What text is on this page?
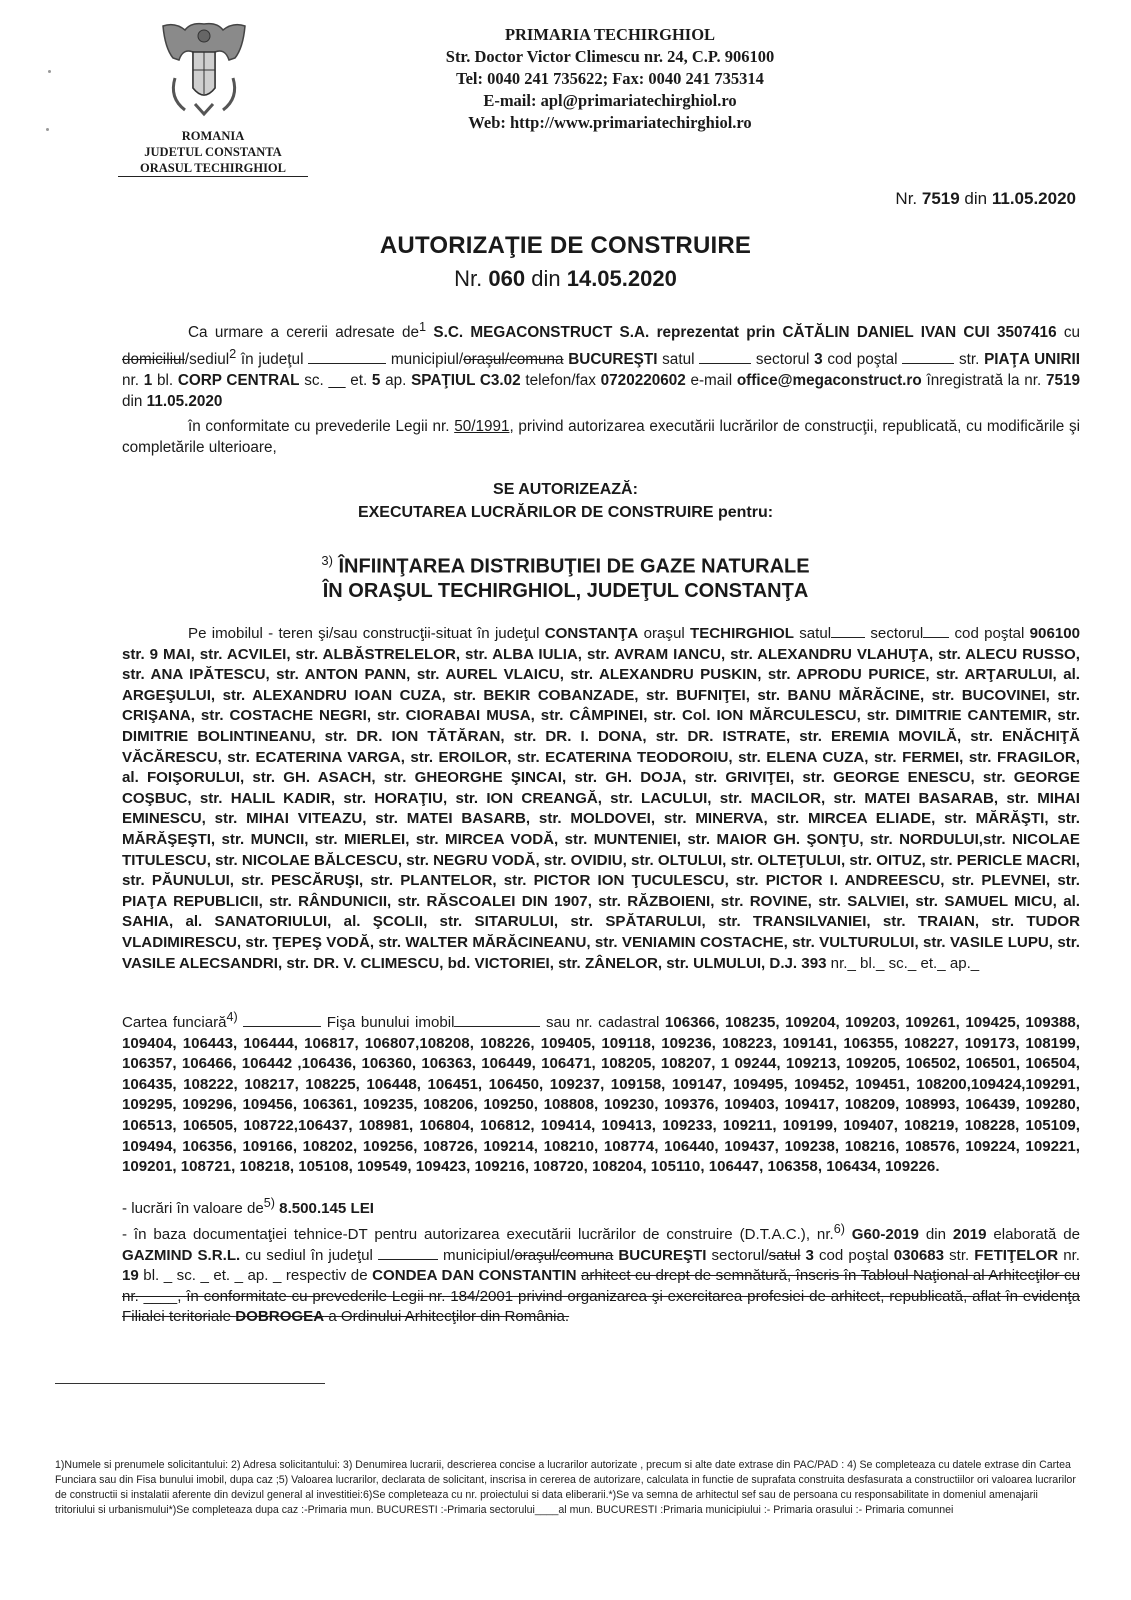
ROMANIA
JUDETUL CONSTANTA
ORASUL TECHIRGHIOL
PRIMARIA TECHIRGHIOL
Str. Doctor Victor Climescu nr. 24, C.P. 906100
Tel: 0040 241 735622; Fax: 0040 241 735314
E-mail: apl@primariatechirghiol.ro
Web: http://www.primariatechirghiol.ro
Nr. 7519 din 11.05.2020
AUTORIZAŢIE DE CONSTRUIRE
Nr. 060 din 14.05.2020
Ca urmare a cererii adresate $de^1$ S.C. MEGACONSTRUCT S.A. reprezentat prin CĂTĂLIN DANIEL IVAN CUI 3507416 cu domiciliul/sediul$^2$ în judeţul	municipiul/oraşul/comuna BUCUREŞTI satul	sectorul 3 cod poştal	str. PIAŢA UNIRII nr. 1 bl. CORP CENTRAL sc. __ et. 5 ap. SPAŢIUL C3.02 telefon/fax 0720220602 e-mail office@megaconstruct.ro înregistrată la nr. 7519 din 11.05.2020
în conformitate cu prevederile Legii nr. 50/1991, privind autorizarea executării lucrărilor de construcţii, republicată, cu modificările şi completările ulterioare,
SE AUTORIZEAZĂ:
EXECUTAREA LUCRĂRILOR DE CONSTRUIRE pentru:
$^{3)}$ ÎNFIINŢAREA DISTRIBUŢIEI DE GAZE NATURALE
ÎN ORAŞUL TECHIRGHIOL, JUDEŢUL CONSTANŢA
Pe imobilul - teren şi/sau construcţii-situat în judeţul CONSTANŢA oraşul TECHIRGHIOL satul sectorul cod poştal 906100 str. 9 MAI, str. ACVILEI, str. ALBĂSTRELELOR, str. ALBA IULIA, str. AVRAM IANCU, str. ALEXANDRU VLAHUŢA, str. ALECU RUSSO, str. ANA IPĂTESCU, str. ANTON PANN, str. AUREL VLAICU, str. ALEXANDRU PUSKIN, str. APRODU PURICE, str. ARŢARULUI, al. ARGEŞULUI, str. ALEXANDRU IOAN CUZA, str. BEKIR COBANZADE, str. BUFNIŢEI, str. BANU MĂRĂCINE, str. BUCOVINEI, str. CRIŞANA, str. COSTACHE NEGRI, str. CIORABAI MUSA, str. CÂMPINEI, str. Col. ION MĂRCULESCU, str. DIMITRIE CANTEMIR, str. DIMITRIE BOLINTINEANU, str. DR. ION TĂTĂRAN, str. DR. I. DONA, str. DR. ISTRATE, str. EREMIA MOVILĂ, str. ENĂCHIŢĂ VĂCĂRESCU, str. ECATERINA VARGA, str. EROILOR, str. ECATERINA TEODOROIU, str. ELENA CUZA, str. FERMEI, str. FRAGILOR, al. FOIŞORULUI, str. GH. ASACH, str. GHEORGHE ŞINCAI, str. GH. DOJA, str. GRIVIŢEI, str. GEORGE ENESCU, str. GEORGE COŞBUC, str. HALIL KADIR, str. HORAŢIU, str. ION CREANGĂ, str. LACULUI, str. MACILOR, str. MATEI BASARAB, str. MIHAI EMINESCU, str. MIHAI VITEAZU, str. MATEI BASARB, str. MOLDOVEI, str. MINERVA, str. MIRCEA ELIADE, str. MĂRĂŞTI, str. MĂRĂŞEŞTI, str. MUNCII, str. MIERLEI, str. MIRCEA VODĂ, str. MUNTENIEI, str. MAIOR GH. ŞONŢU, str. NORDULUI,str. NICOLAE TITULESCU, str. NICOLAE BĂLCESCU, str. NEGRU VODĂ, str. OVIDIU, str. OLTULUI, str. OLTEŢULUI, str. OITUZ, str. PERICLE MACRI, str. PĂUNULUI, str. PESCĂRUŞI, str. PLANTELOR, str. PICTOR ION ŢUCULESCU, str. PICTOR I. ANDREESCU, str. PLEVNEI, str. PIAŢA REPUBLICII, str. RÂNDUNICII, str. RĂSCOALEI DIN 1907, str. RĂZBOIENI, str. ROVINE, str. SALVIEI, str. SAMUEL MICU, al. SAHIA, al. SANATORIULUI, al. ŞCOLII, str. SITARULUI, str. SPĂTARULUI, str. TRANSILVANIEI, str. TRAIAN, str. TUDOR VLADIMIRESCU, str. ŢEPEŞ VODĂ, str. WALTER MĂRĂCINEANU, str. VENIAMIN COSTACHE, str. VULTURULUI, str. VASILE LUPU, str. VASILE ALECSANDRI, str. DR. V. CLIMESCU, bd. VICTORIEI, str. ZÂNELOR, str. ULMULUI, D.J. 393 nr._ bl._ sc._ et._ ap._
Cartea funciară$^{4)}$	Fişa bunului imobil	sau nr. cadastral 106366, 108235, 109204, 109203, 109261, 109425, 109388, 109404, 106443, 106444, 106817, 106807,108208, 108226, 109405, 109118, 109236, 108223, 109141, 106355, 108227, 109173, 108199, 106357, 106466, 106442 ,106436, 106360, 106363, 106449, 106471, 108205, 108207, 1 09244, 109213, 109205, 106502, 106501, 106504, 106435, 108222, 108217, 108225, 106448, 106451, 106450, 109237, 109158, 109147, 109495, 109452, 109451, 108200,109424,109291, 109295, 109296, 109456, 106361, 109235, 108206, 109250, 108808, 109230, 109376, 109403, 109417, 108209, 108993, 106439, 109280, 106513, 106505, 108722,106437, 108981, 106804, 106812, 109414, 109413, 109233, 109211, 109199, 109407, 108219, 108228, 105109, 109494, 106356, 109166, 108202, 109256, 108726, 109214, 108210, 108774, 106440, 109437, 109238, 108216, 108576, 109224, 109221, 109201, 108721, 108218, 105108, 109549, 109423, 109216, 108720, 108204, 105110, 106447, 106358, 106434, 109226.
- lucrări în valoare $de^{5)}$ 8.500.145 LEI
- în baza documentaţiei tehnice-DT pentru autorizarea executării lucrărilor de construire (D.T.A.C.), nr.$^{6)}$ G60-2019 din 2019 elaborată de GAZMIND S.R.L. cu sediul în judeţul	municipiul/oraşul/comuna BUCUREŞTI sectorul/satul 3 cod poştal 030683 str. FETIŢELOR nr. 19 bl. _ sc. _ et. _ ap. _ respectiv de CONDEA DAN CONSTANTIN arhitect cu drept de semnătură, înscris în Tabloul Naţional al Arhitecţilor cu nr. ____, în conformitate cu prevederile Legii nr. 184/2001 privind organizarea şi exercitarea profesiei de arhitect, republicată, aflat în evidenţa Filialei teritoriale DOBROGEA a Ordinului Arhitecţilor din România.
1)Numele si prenumele solicitantului: 2) Adresa solicitantului: 3) Denumirea lucrarii, descrierea concise a lucrarilor autorizate , precum si alte date extrase din PAC/PAD : 4) Se completeaza cu datele extrase din Cartea Funciara sau din Fisa bunului imobil, dupa caz ;5) Valoarea lucrarilor, declarata de solicitant, inscrisa in cererea de autorizare, calculata in functie de suprafata construita desfasurata a constructiilor ori valoarea lucrarilor de constructii si instalatii aferente din devizul general al investitiei:6)Se completeaza cu nr. proiectului si data eliberarii.*)Se va semna de arhitectul sef sau de persoana cu responsabilitate in domeniul amenajarii tritoriului si urbanismului*)Se completeaza dupa caz :-Primaria mun. BUCURESTI :-Primaria sectorului____al mun. BUCURESTI :Primaria municipiului :- Primaria orasului :- Primaria comunnei
